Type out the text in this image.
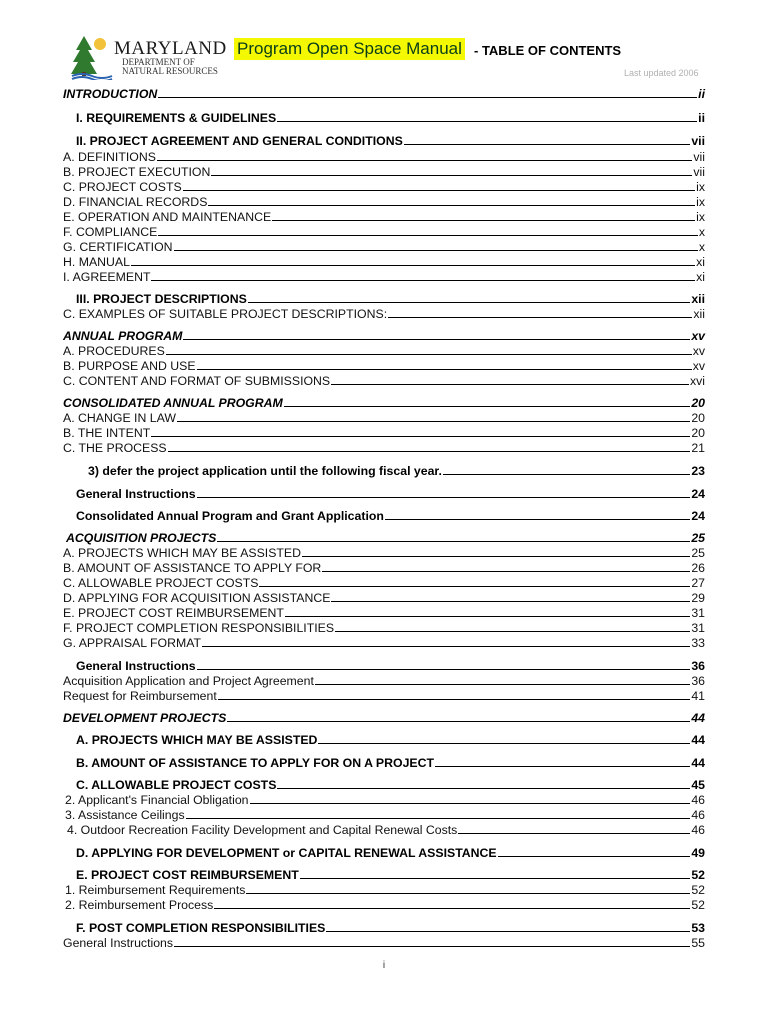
MARYLAND
DEPARTMENT OF
NATURAL RESOURCES
Program Open Space Manual - TABLE OF CONTENTS
Last updated 2006
INTRODUCTION	ii
I. REQUIREMENTS & GUIDELINES	ii
II. PROJECT AGREEMENT AND GENERAL CONDITIONS	vii
A. DEFINITIONS	vii
B. PROJECT EXECUTION	vii
C. PROJECT COSTS	ix
D. FINANCIAL RECORDS	ix
E. OPERATION AND MAINTENANCE	ix
F. COMPLIANCE	x
G. CERTIFICATION	x
H. MANUAL	xi
I. AGREEMENT	xi
III. PROJECT DESCRIPTIONS	xii
C. EXAMPLES OF SUITABLE PROJECT DESCRIPTIONS:	xii
ANNUAL PROGRAM	xv
A. PROCEDURES	xv
B. PURPOSE AND USE	xv
C. CONTENT AND FORMAT OF SUBMISSIONS	xvi
CONSOLIDATED ANNUAL PROGRAM	20
A. CHANGE IN LAW	20
B. THE INTENT	20
C. THE PROCESS	21
3) defer the project application until the following fiscal year.	23
General Instructions	24
Consolidated Annual Program and Grant Application	24
ACQUISITION PROJECTS	25
A. PROJECTS WHICH MAY BE ASSISTED	25
B. AMOUNT OF ASSISTANCE TO APPLY FOR	26
C. ALLOWABLE PROJECT COSTS	27
D. APPLYING FOR ACQUISITION ASSISTANCE	29
E. PROJECT COST REIMBURSEMENT	31
F. PROJECT COMPLETION RESPONSIBILITIES	31
G. APPRAISAL FORMAT	33
General Instructions	36
Acquisition Application and Project Agreement	36
Request for Reimbursement	41
DEVELOPMENT PROJECTS	44
A. PROJECTS WHICH MAY BE ASSISTED	44
B. AMOUNT OF ASSISTANCE TO APPLY FOR ON A PROJECT	44
C. ALLOWABLE PROJECT COSTS	45
2. Applicant's Financial Obligation	46
3. Assistance Ceilings	46
4. Outdoor Recreation Facility Development and Capital Renewal Costs	46
D. APPLYING FOR DEVELOPMENT or CAPITAL RENEWAL ASSISTANCE	49
E. PROJECT COST REIMBURSEMENT	52
1. Reimbursement Requirements	52
2. Reimbursement Process	52
F. POST COMPLETION RESPONSIBILITIES	53
General Instructions	55
i
